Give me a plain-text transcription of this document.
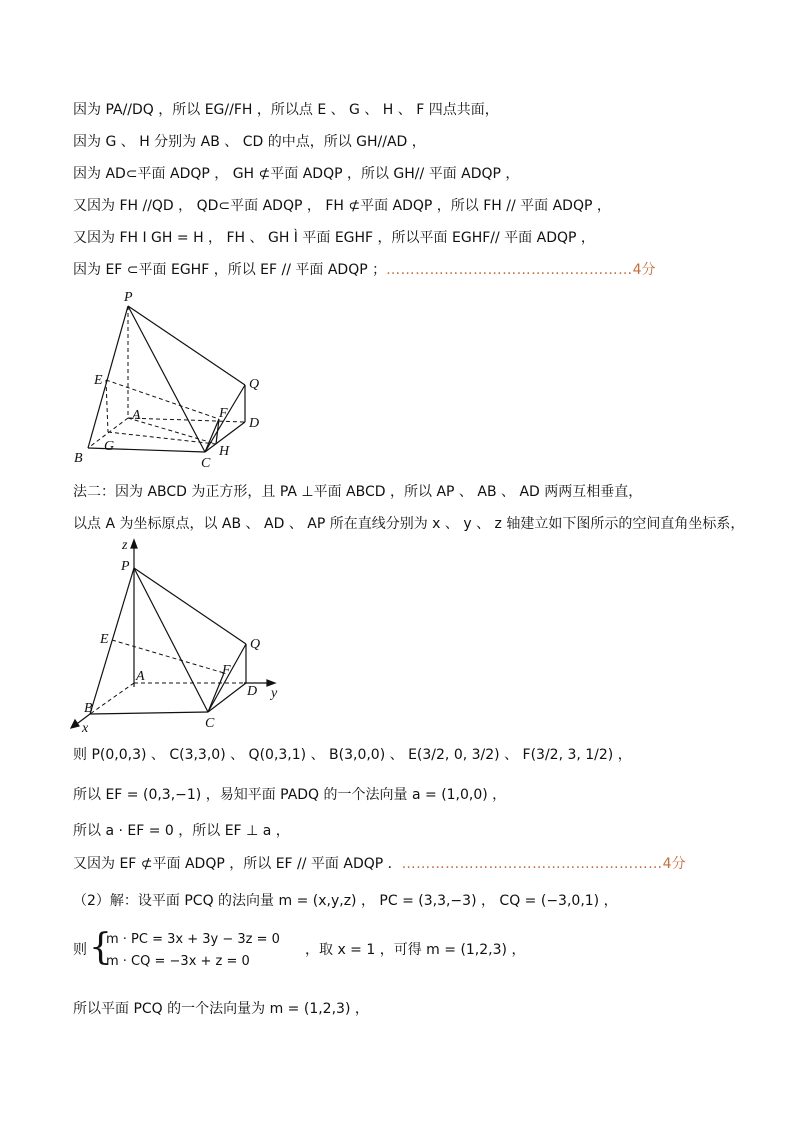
因为 PA//DQ ，所以 EG//FH ，所以点 E 、 G 、 H 、 F 四点共面，
因为 G 、 H 分别为 AB 、 CD 的中点，所以 GH//AD ，
因为 AD⊂平面 ADQP ， GH ⊄平面 ADQP ，所以 GH// 平面 ADQP ，
又因为 FH //QD ， QD⊂平面 ADQP ， FH ⊄平面 ADQP ，所以 FH // 平面 ADQP ，
又因为 FH I GH = H ， FH 、 GH Ì 平面 EGHF ，所以平面 EGHF// 平面 ADQP ，
因为 EF ⊂平面 EGHF ，所以 EF // 平面 ADQP ；……………………………………………4分
P
Q
E
A	F
D
G
B	C
H
法二：因为 ABCD 为正方形，且 PA ⊥平面 ABCD ，所以 AP 、 AB 、 AD 两两互相垂直，
以点 A 为坐标原点，以 AB 、 AD 、 AP 所在直线分别为 x 、 y 、 z 轴建立如下图所示的空间直角坐标系，
z
P
Q
E
A	F
D y
B
C
x
则 P(0,0,3) 、 C(3,3,0) 、 Q(0,3,1) 、 B(3,0,0) 、 E(3/2, 0, 3/2) 、 F(3/2, 3, 1/2) ，
所以 EF = (0,3,−1) ，易知平面 PADQ 的一个法向量 a = (1,0,0) ，
所以 a · EF = 0 ，所以 EF ⊥ a ，
又因为 EF ⊄平面 ADQP ，所以 EF // 平面 ADQP ．………………………………………………4分
（2）解：设平面 PCQ 的法向量 m = (x,y,z) ， PC = (3,3,−3) ， CQ = (−3,0,1) ，
则 {
m · PC = 3x + 3y − 3z = 0
m · CQ = −3x + z = 0
，取 x = 1 ，可得 m = (1,2,3) ，
所以平面 PCQ 的一个法向量为 m = (1,2,3) ，
